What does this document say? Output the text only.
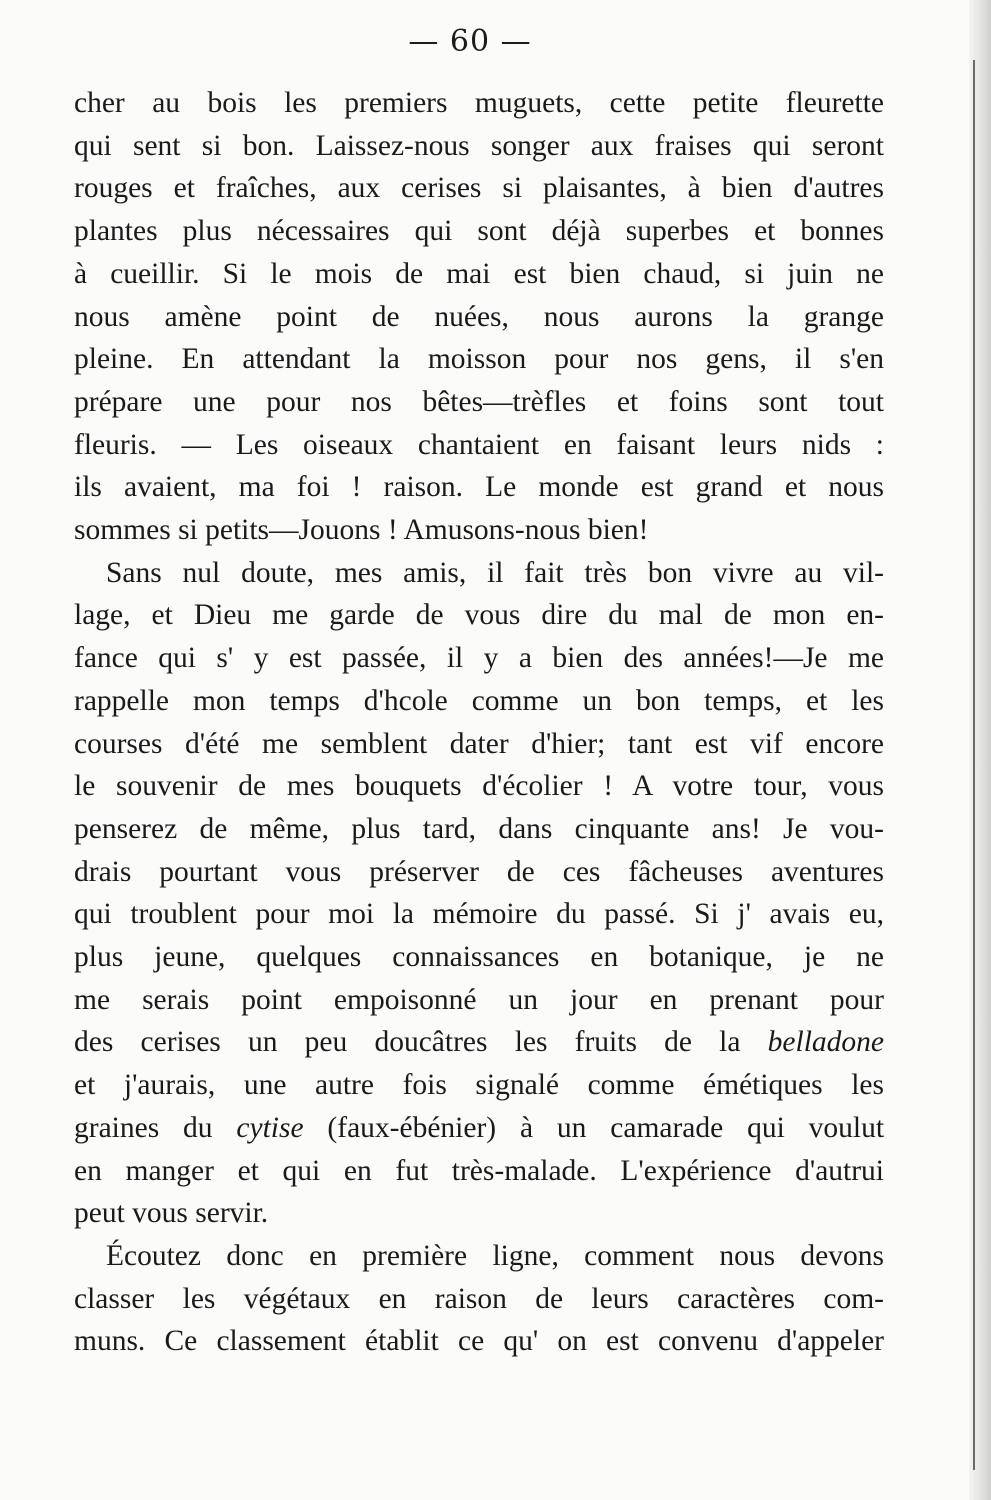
— 60 —
cher au bois les premiers muguets, cette petite fleurette
qui sent si bon. Laissez-nous songer aux fraises qui seront
rouges et fraîches, aux cerises si plaisantes, à bien d'autres
plantes plus nécessaires qui sont déjà superbes et bonnes
à cueillir. Si le mois de mai est bien chaud, si juin ne
nous amène point de nuées, nous aurons la grange
pleine. En attendant la moisson pour nos gens, il s'en
prépare une pour nos bêtes—trèfles et foins sont tout
fleuris. — Les oiseaux chantaient en faisant leurs nids :
ils avaient, ma foi ! raison. Le monde est grand et nous
sommes si petits—Jouons ! Amusons-nous bien!
Sans nul doute, mes amis, il fait très bon vivre au vil-
lage, et Dieu me garde de vous dire du mal de mon en-
fance qui s' y est passée, il y a bien des années!—Je me
rappelle mon temps d'hcole comme un bon temps, et les
courses d'été me semblent dater d'hier; tant est vif encore
le souvenir de mes bouquets d'écolier ! A votre tour, vous
penserez de même, plus tard, dans cinquante ans! Je vou-
drais pourtant vous préserver de ces fâcheuses aventures
qui troublent pour moi la mémoire du passé. Si j' avais eu,
plus jeune, quelques connaissances en botanique, je ne
me serais point empoisonné un jour en prenant pour
des cerises un peu doucâtres les fruits de la belladone
et j'aurais, une autre fois signalé comme émétiques les
graines du cytise (faux-ébénier) à un camarade qui voulut
en manger et qui en fut très-malade. L'expérience d'autrui
peut vous servir.
Écoutez donc en première ligne, comment nous devons
classer les végétaux en raison de leurs caractères com-
muns. Ce classement établit ce qu' on est convenu d'appeler
